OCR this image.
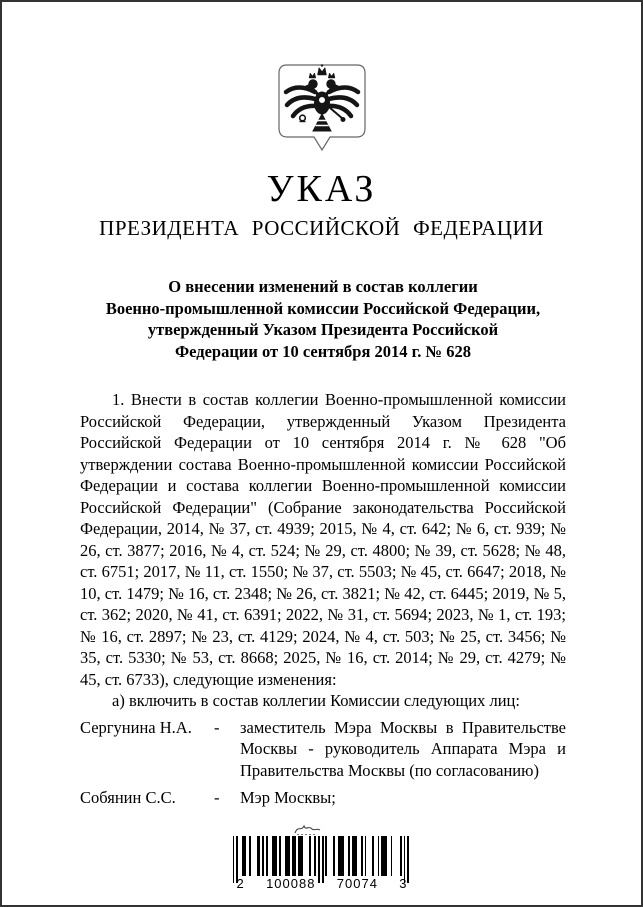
УКАЗ
ПРЕЗИДЕНТА РОССИЙСКОЙ ФЕДЕРАЦИИ
О внесении изменений в состав коллегии
Военно-промышленной комиссии Российской Федерации,
утвержденный Указом Президента Российской
Федерации от 10 сентября 2014 г. № 628

1. Внести в состав коллегии Военно-промышленной комиссии Российской Федерации, утвержденный Указом Президента Российской Федерации от 10 сентября 2014 г. № 628 "Об утверждении состава Военно-промышленной комиссии Российской Федерации и состава коллегии Военно-промышленной комиссии Российской Федерации" (Собрание законодательства Российской Федерации, 2014, № 37, ст. 4939; 2015, № 4, ст. 642; № 6, ст. 939; № 26, ст. 3877; 2016, № 4, ст. 524; № 29, ст. 4800; № 39, ст. 5628; № 48, ст. 6751; 2017, № 11, ст. 1550; № 37, ст. 5503; № 45, ст. 6647; 2018, № 10, ст. 1479; № 16, ст. 2348; № 26, ст. 3821; № 42, ст. 6445; 2019, № 5, ст. 362; 2020, № 41, ст. 6391; 2022, № 31, ст. 5694; 2023, № 1, ст. 193; № 16, ст. 2897; № 23, ст. 4129; 2024, № 4, ст. 503; № 25, ст. 3456; № 35, ст. 5330; № 53, ст. 8668; 2025, № 16, ст. 2014; № 29, ст. 4279; № 45, ст. 6733), следующие изменения:

а) включить в состав коллегии Комиссии следующих лиц:

Сергунина Н.А.	-	заместитель Мэра Москвы в Правительстве Москвы - руководитель Аппарата Мэра и Правительства Москвы (по согласованию)
Собянин С.С.	-	Мэр Москвы;
2 100088 70074 3
